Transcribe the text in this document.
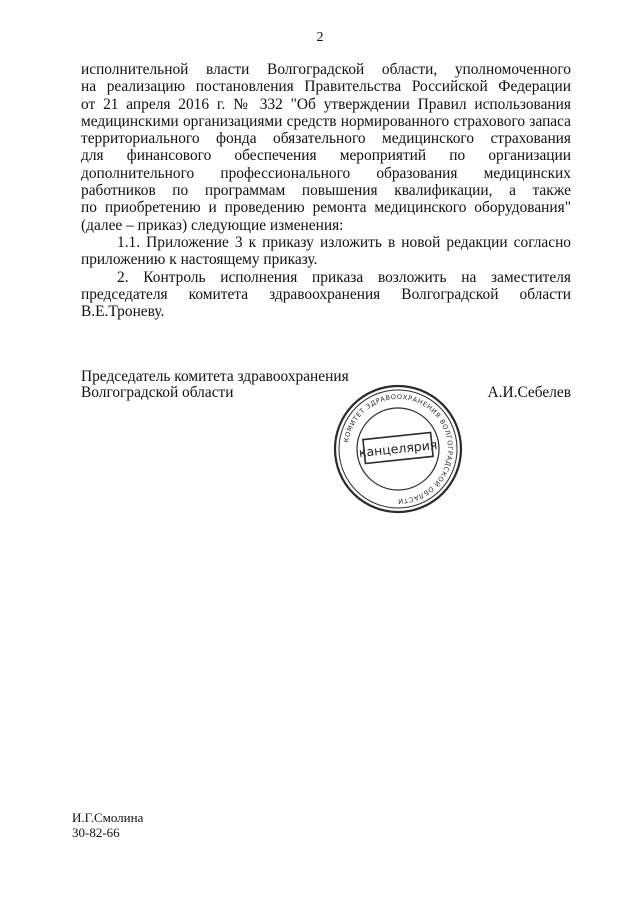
2

исполнительной власти Волгоградской области, уполномоченного
на реализацию постановления Правительства Российской Федерации
от 21 апреля 2016 г. № 332 "Об утверждении Правил использования
медицинскими организациями средств нормированного страхового запаса
территориального фонда обязательного медицинского страхования
для финансового обеспечения мероприятий по организации
дополнительного профессионального образования медицинских
работников по программам повышения квалификации, а также
по приобретению и проведению ремонта медицинского оборудования"
(далее – приказ) следующие изменения:

1.1. Приложение 3 к приказу изложить в новой редакции согласно
приложению к настоящему приказу.

2. Контроль исполнения приказа возложить на заместителя
председателя комитета здравоохранения Волгоградской области
В.Е.Троневу.

Председатель комитета здравоохранения
Волгоградской области	А.И.Себелев
КОМИТЕТ ЗДРАВООХРАНЕНИЯ ВОЛГОГРАДСКОЙ ОБЛАСТИ
канцелярия
И.Г.Смолина
30-82-66
